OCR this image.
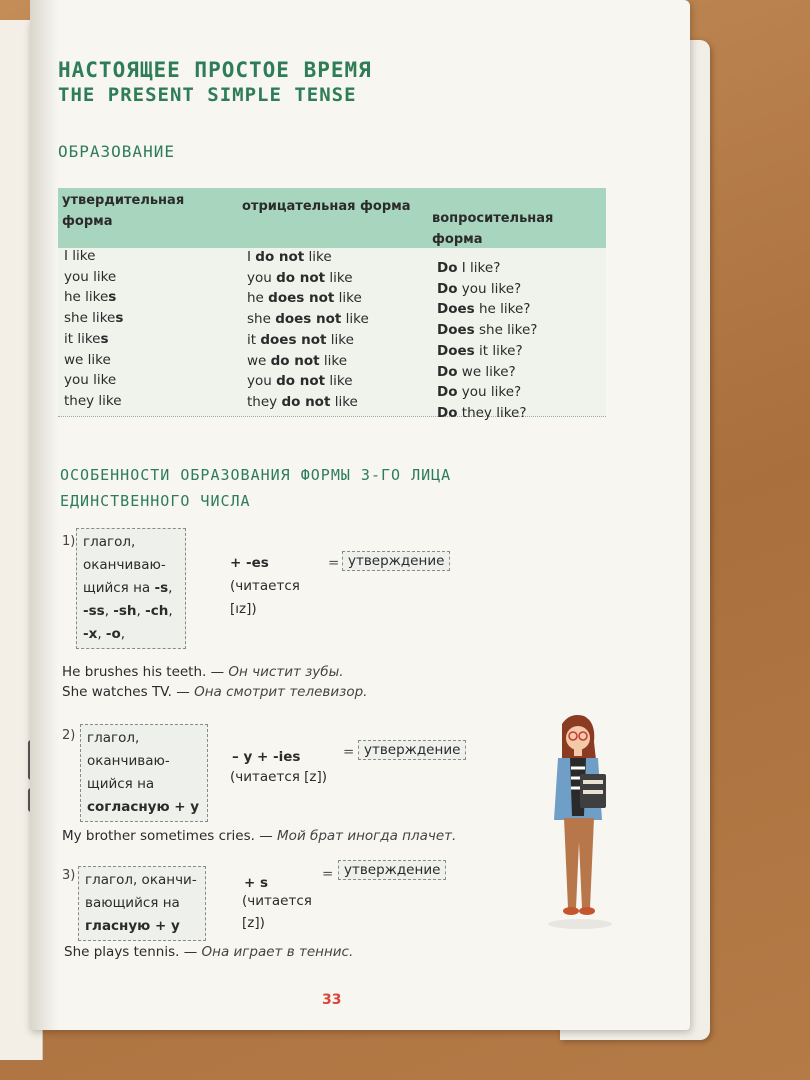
НАСТОЯЩЕЕ ПРОСТОЕ ВРЕМЯ
THE PRESENT SIMPLE TENSE
ОБРАЗОВАНИЕ
утвердительная форма
отрицательная форма
вопросительная форма
I like
you like
he likes
she likes
it likes
we like
you like
they like
I do not like
you do not like
he does not like
she does not like
it does not like
we do not like
you do not like
they do not like
Do I like?
Do you like?
Does he like?
Does she like?
Does it like?
Do we like?
Do you like?
Do they like?
ОСОБЕННОСТИ ОБРАЗОВАНИЯ ФОРМЫ 3-ГО ЛИЦА
ЕДИНСТВЕННОГО ЧИСЛА
1) глагол,
оканчиваю-
щийся на -s,
-ss, -sh, -ch,
-x, -o,
+ -es
(читается
[ız])
= утверждение
He brushes his teeth. — Он чистит зубы.
She watches TV. — Она смотрит телевизор.
2) глагол,
оканчиваю-
щийся на
согласную + y
– y + -ies
(читается [z])
= утверждение
My brother sometimes cries. — Мой брат иногда плачет.
3) глагол, оканчи-
вающийся на
гласную + y
+ s
(читается
[z])
= утверждение
She plays tennis. — Она играет в теннис.
33
